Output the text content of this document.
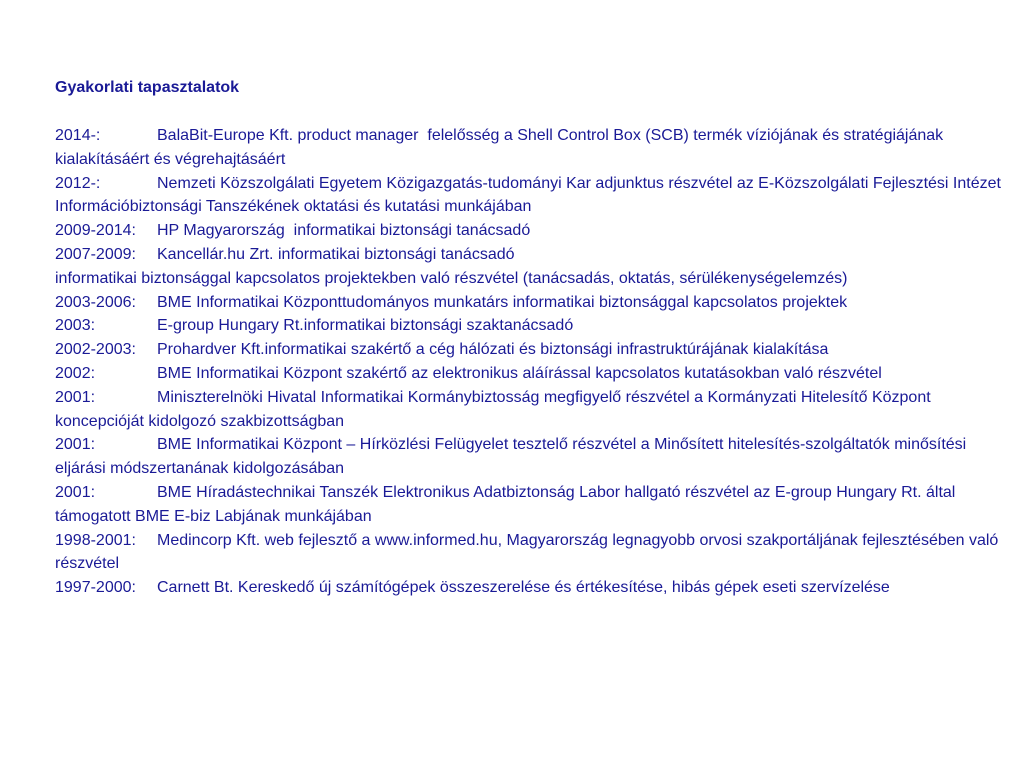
Gyakorlati tapasztalatok

2014-:	BalaBit-Europe Kft. product manager  felelősség a Shell Control Box (SCB) termék víziójának és stratégiájának kialakításáért és végrehajtásáért

2012-:	Nemzeti Közszolgálati Egyetem Közigazgatás-tudományi Kar adjunktus részvétel az E-Közszolgálati Fejlesztési Intézet Információbiztonsági Tanszékének oktatási és kutatási munkájában

2009-2014: HP Magyarország  informatikai biztonsági tanácsadó

2007-2009: Kancellár.hu Zrt. informatikai biztonsági tanácsadó

informatikai biztonsággal kapcsolatos projektekben való részvétel (tanácsadás, oktatás, sérülékenységelemzés)

2003-2006: BME Informatikai Központtudományos munkatárs informatikai biztonsággal kapcsolatos projektek

2003:	E-group Hungary Rt.informatikai biztonsági szaktanácsadó

2002-2003: Prohardver Kft.informatikai szakértő a cég hálózati és biztonsági infrastruktúrájának kialakítása

2002:	BME Informatikai Központ szakértő az elektronikus aláírással kapcsolatos kutatásokban való részvétel

2001:	Miniszterelnöki Hivatal Informatikai Kormánybiztosság megfigyelő részvétel a Kormányzati Hitelesítő Központ koncepcióját kidolgozó szakbizottságban

2001:	BME Informatikai Központ – Hírközlési Felügyelet tesztelő részvétel a Minősített hitelesítés-szolgáltatók minősítési eljárási módszertanának kidolgozásában

2001:	BME Híradástechnikai Tanszék Elektronikus Adatbiztonság Labor hallgató részvétel az E-group Hungary Rt. által támogatott BME E-biz Labjának munkájában

1998-2001: Medincorp Kft. web fejlesztő a www.informed.hu, Magyarország legnagyobb orvosi szakportáljának fejlesztésében való részvétel

1997-2000: Carnett Bt. Kereskedő új számítógépek összeszerelése és értékesítése, hibás gépek eseti szervízelése
